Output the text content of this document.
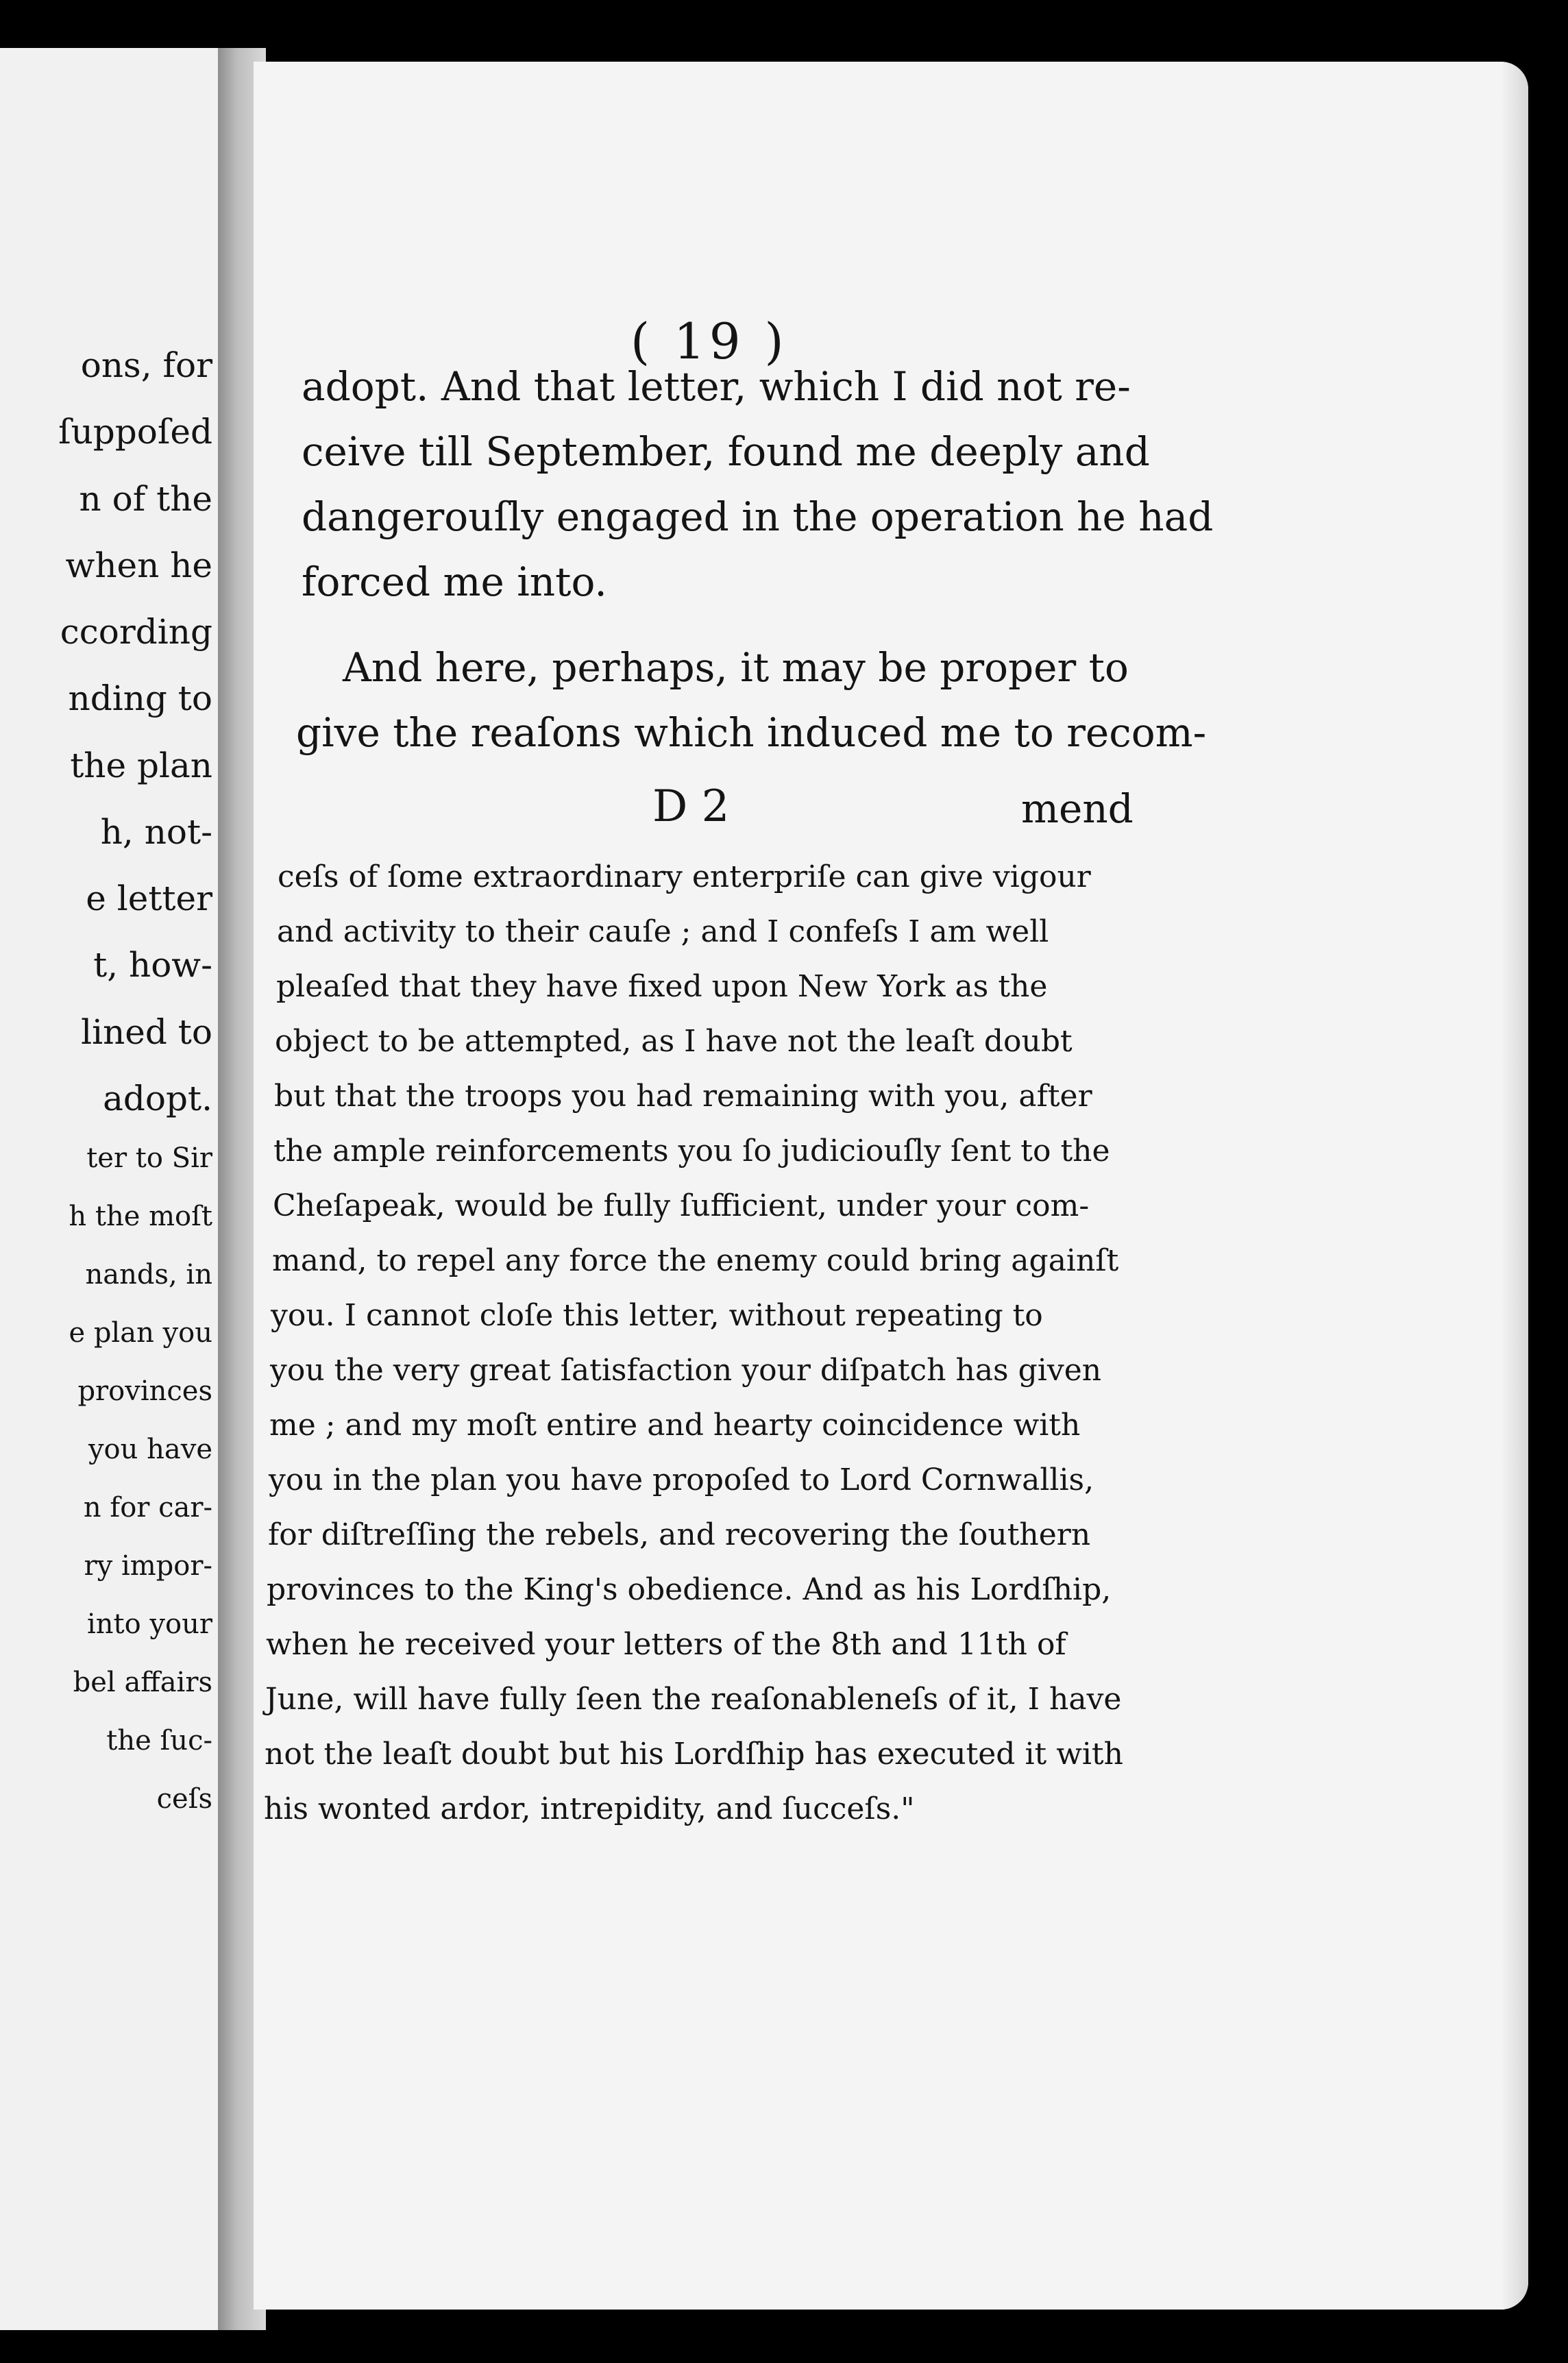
ons, for
ſuppoſed
n of the
when he
ccording
nding to
the plan
h, not-
e letter
t, how-
lined to
adopt.
ter to Sir
h the moſt
nands, in
e plan you
provinces
you have
n for car-
ry impor-
into your
bel affairs
the ſuc-
ceſs
( 19 )
adopt. And that letter, which I did not re-
ceive till September, found me deeply and
dangerouſly engaged in the operation he had
forced me into.
And here, perhaps, it may be proper to
give the reaſons which induced me to recom-
D 2	mend
ceſs of ſome extraordinary enterpriſe can give vigour
and activity to their cauſe ; and I confeſs I am well
pleaſed that they have fixed upon New York as the
object to be attempted, as I have not the leaſt doubt
but that the troops you had remaining with you, after
the ample reinforcements you ſo judiciouſly ſent to the
Cheſapeak, would be fully ſufficient, under your com-
mand, to repel any force the enemy could bring againſt
you. I cannot cloſe this letter, without repeating to
you the very great ſatisfaction your diſpatch has given
me ; and my moſt entire and hearty coincidence with
you in the plan you have propoſed to Lord Cornwallis,
for diſtreſſing the rebels, and recovering the ſouthern
provinces to the King's obedience. And as his Lordſhip,
when he received your letters of the 8th and 11th of
June, will have fully ſeen the reaſonableneſs of it, I have
not the leaſt doubt but his Lordſhip has executed it with
his wonted ardor, intrepidity, and ſucceſs."
